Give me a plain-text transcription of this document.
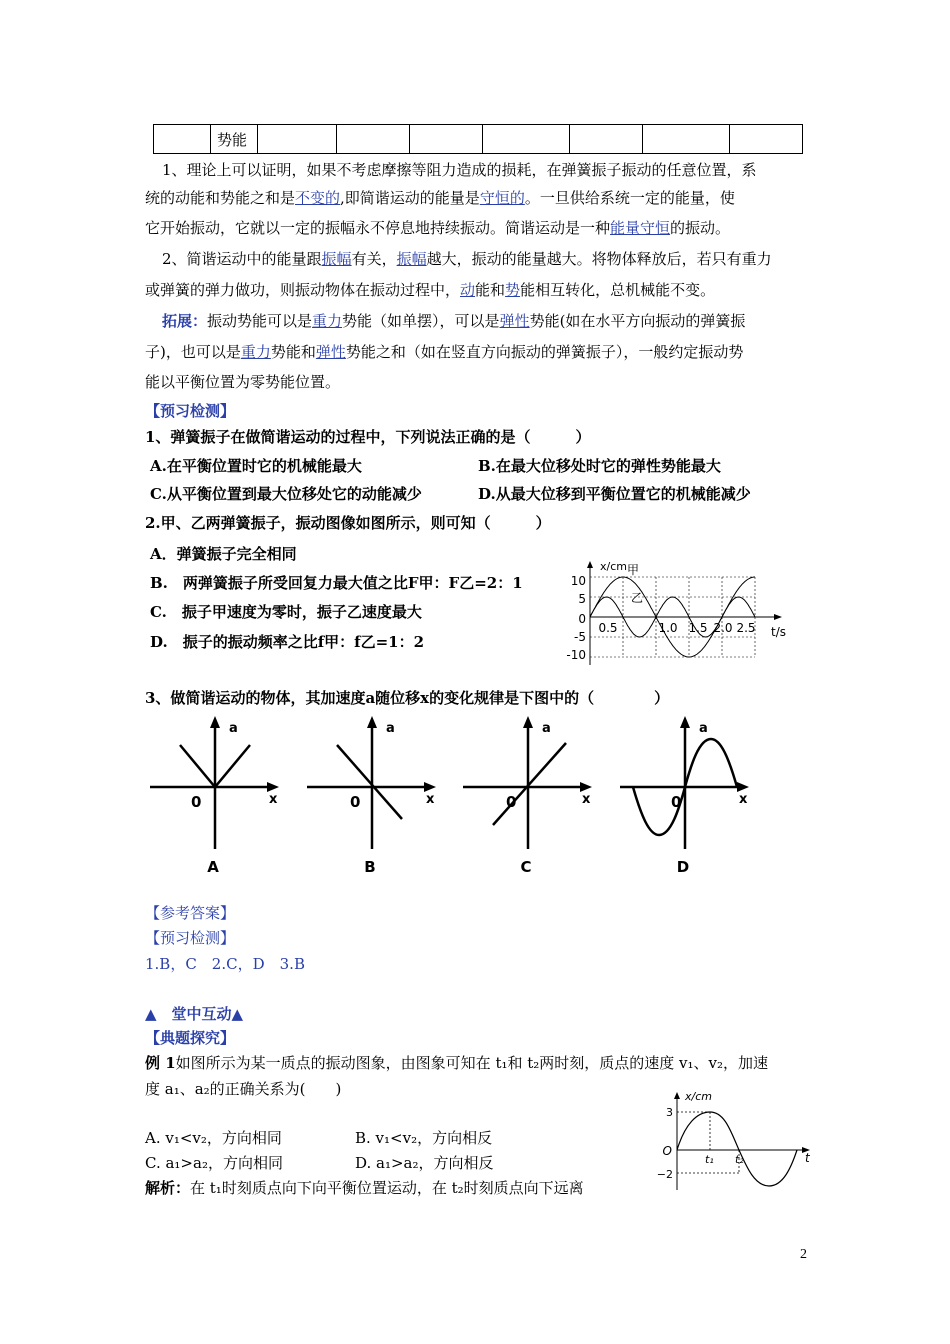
	势能							
1、理论上可以证明，如果不考虑摩擦等阻力造成的损耗，在弹簧振子振动的任意位置，系
统的动能和势能之和是不变的,即简谐运动的能量是守恒的。一旦供给系统一定的能量，使
它开始振动，它就以一定的振幅永不停息地持续振动。简谐运动是一种能量守恒的振动。
2、简谐运动中的能量跟振幅有关，振幅越大，振动的能量越大。将物体释放后，若只有重力
或弹簧的弹力做功，则振动物体在振动过程中，动能和势能相互转化，总机械能不变。
拓展：振动势能可以是重力势能（如单摆），可以是弹性势能(如在水平方向振动的弹簧振
子)，也可以是重力势能和弹性势能之和（如在竖直方向振动的弹簧振子），一般约定振动势
能以平衡位置为零势能位置。
【预习检测】
1、弹簧振子在做简谐运动的过程中，下列说法正确的是（　　　）
A.在平衡位置时它的机械能最大	B.在最大位移处时它的弹性势能最大
C.从平衡位置到最大位移处它的动能减少	D.从最大位移到平衡位置它的机械能减少
2.甲、乙两弹簧振子，振动图像如图所示，则可知（　　　）
A．弹簧振子完全相同
B.　两弹簧振子所受回复力最大值之比F甲：F乙=2：1
C.　振子甲速度为零时，振子乙速度最大
D.　振子的振动频率之比f甲：f乙=1：2
x/cm 甲
乙
t/s
10
5
0
-5
-10
0.5	1.0 1.5 2.0 2.5
3、做简谐运动的物体，其加速度a随位移x的变化规律是下图中的（　　　　）
a
x
0
A
a
x
0
B
a
x
0
C
a
x
0
D
【参考答案】
【预习检测】
1.B，C　2.C，D　3.B
▲　堂中互动▲
【典题探究】
例 1如图所示为某一质点的振动图象，由图象可知在 t₁和 t₂两时刻，质点的速度 v₁、v₂，加速
度 a₁、a₂的正确关系为(　　)
A. v₁<v₂，方向相同	B. v₁<v₂，方向相反
C. a₁>a₂，方向相同	D. a₁>a₂，方向相反
解析：在 t₁时刻质点向下向平衡位置运动，在 t₂时刻质点向下远离
x/cm
3
−2
O	t
t₁ t₂
2
